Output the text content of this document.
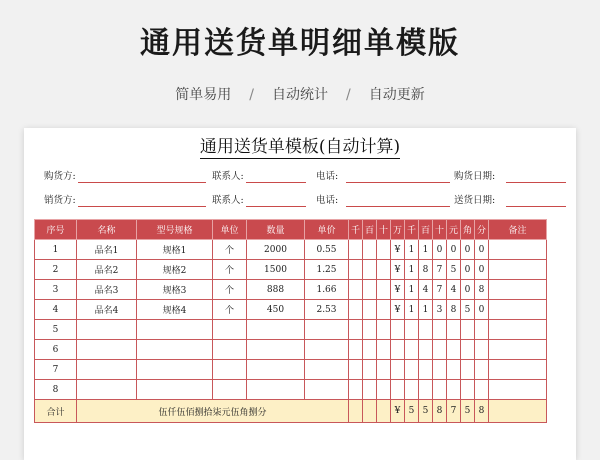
通用送货单明细单模版
简单易用 / 自动统计 / 自动更新
通用送货单模板(自动计算)
购货方:	联系人:	电话:	购货日期:
销货方:	联系人:	电话:	送货日期:
序号	名称	型号规格	单位	数量	单价	千	百	十	万	千	百	十	元	角	分	备注
1	品名1	规格1	个	2000	0.55				¥	1	1	0	0	0	0	
2	品名2	规格2	个	1500	1.25				¥	1	8	7	5	0	0	
3	品名3	规格3	个	888	1.66				¥	1	4	7	4	0	8	
4	品名4	规格4	个	450	2.53				¥	1	1	3	8	5	0	
5																
6																
7																
8																
合计	伍仟伍佰捌拾柒元伍角捌分								¥	5	5	8	7	5	8	
